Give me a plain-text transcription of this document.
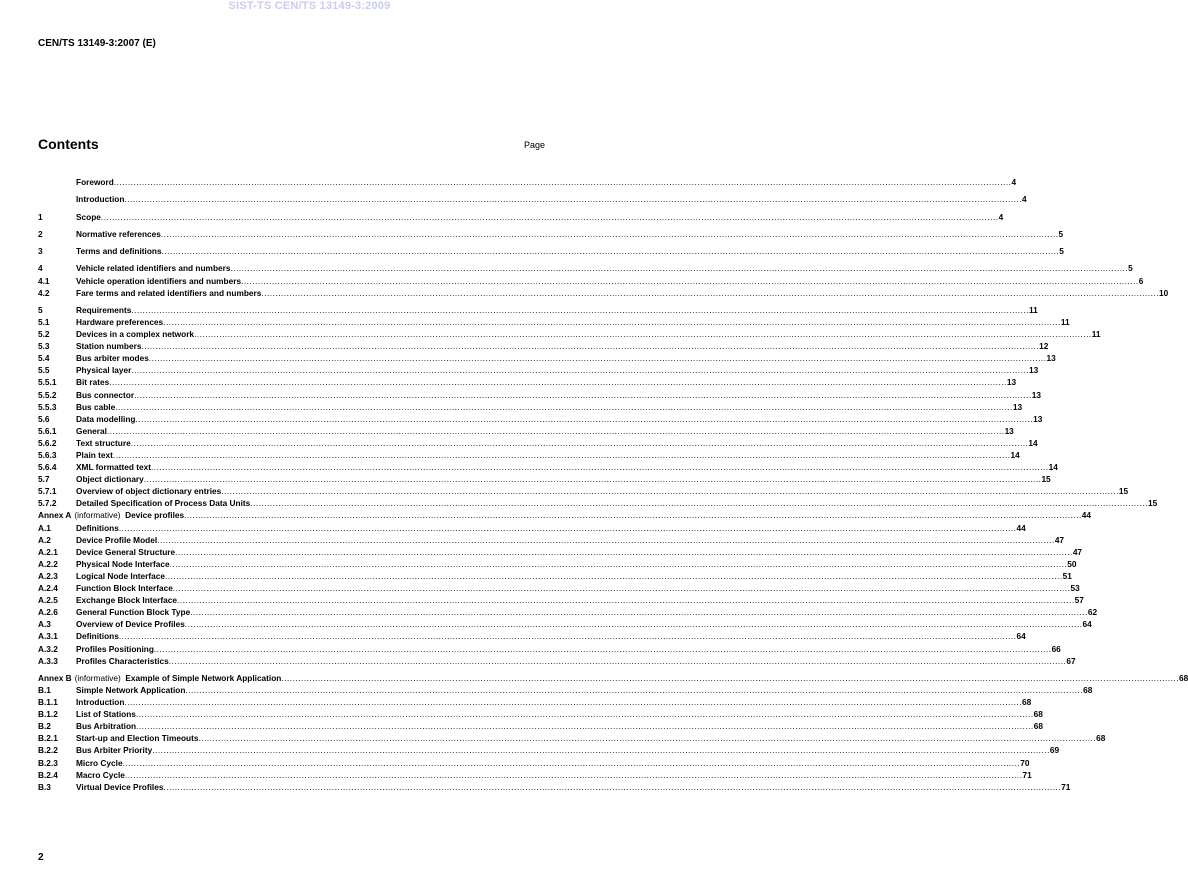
SIST-TS CEN/TS 13149-3:2009
CEN/TS 13149-3:2007 (E)
Contents	Page
Foreword .....	4
Introduction .....	4
1	Scope .....	4
2	Normative references .....	5
3	Terms and definitions .....	5
4	Vehicle related identifiers and numbers .....	5
4.1	Vehicle operation identifiers and numbers .....	6
4.2	Fare terms and related identifiers and numbers .....	10
5	Requirements .....	11
5.1	Hardware preferences .....	11
5.2	Devices in a complex network .....	11
5.3	Station numbers .....	12
5.4	Bus arbiter modes .....	13
5.5	Physical layer .....	13
5.5.1	Bit rates .....	13
5.5.2	Bus connector .....	13
5.5.3	Bus cable .....	13
5.6	Data modelling .....	13
5.6.1	General .....	13
5.6.2	Text structure .....	14
5.6.3	Plain text .....	14
5.6.4	XML formatted text .....	14
5.7	Object dictionary .....	15
5.7.1	Overview of object dictionary entries .....	15
5.7.2	Detailed Specification of Process Data Units .....	15
Annex A (informative) Device profiles .....	44
A.1	Definitions .....	44
A.2	Device Profile Model .....	47
A.2.1	Device General Structure .....	47
A.2.2	Physical Node Interface .....	50
A.2.3	Logical Node Interface .....	51
A.2.4	Function Block Interface .....	53
A.2.5	Exchange Block Interface .....	57
A.2.6	General Function Block Type .....	62
A.3	Overview of Device Profiles .....	64
A.3.1	Definitions .....	64
A.3.2	Profiles Positioning .....	66
A.3.3	Profiles Characteristics .....	67
Annex B (informative) Example of Simple Network Application .....	68
B.1	Simple Network Application .....	68
B.1.1	Introduction .....	68
B.1.2	List of Stations .....	68
B.2	Bus Arbitration .....	68
B.2.1	Start-up and Election Timeouts .....	68
B.2.2	Bus Arbiter Priority .....	69
B.2.3	Micro Cycle .....	70
B.2.4	Macro Cycle .....	71
B.3	Virtual Device Profiles .....	71
2
